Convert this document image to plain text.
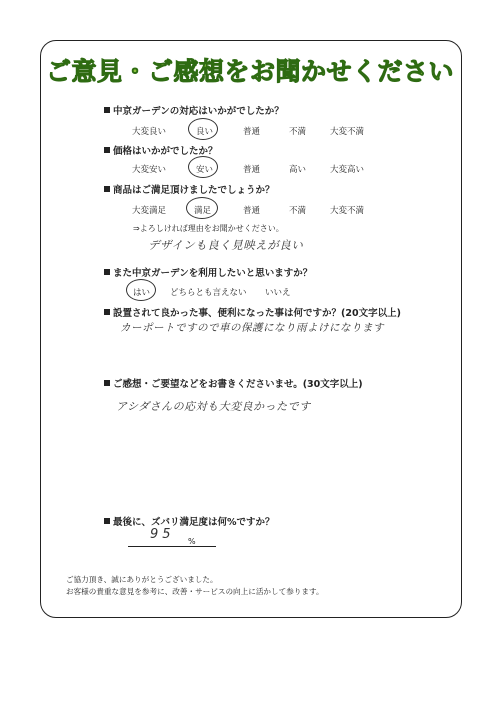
ご意見・ご感想をお聞かせください
中京ガーデンの対応はいかがでしたか？
大変良い	良い	普通	不満	大変不満
価格はいかがでしたか？
大変安い	安い	普通	高い	大変高い
商品はご満足頂けましたでしょうか？
大変満足	満足	普通	不満	大変不満
⇒よろしければ理由をお聞かせください。
デザインも良く見映えが良い
また中京ガーデンを利用したいと思いますか？
はい どちらとも言えない いいえ
設置されて良かった事、便利になった事は何ですか？(20文字以上)
カーポートですので車の保護になり雨よけになります
ご感想・ご要望などをお書きくださいませ。(30文字以上)
アシダさんの応対も大変良かったです
最後に、ズバリ満足度は何%ですか？
95 %
ご協力頂き、誠にありがとうございました。
お客様の貴重な意見を参考に、改善・サービスの向上に活かして参ります。
